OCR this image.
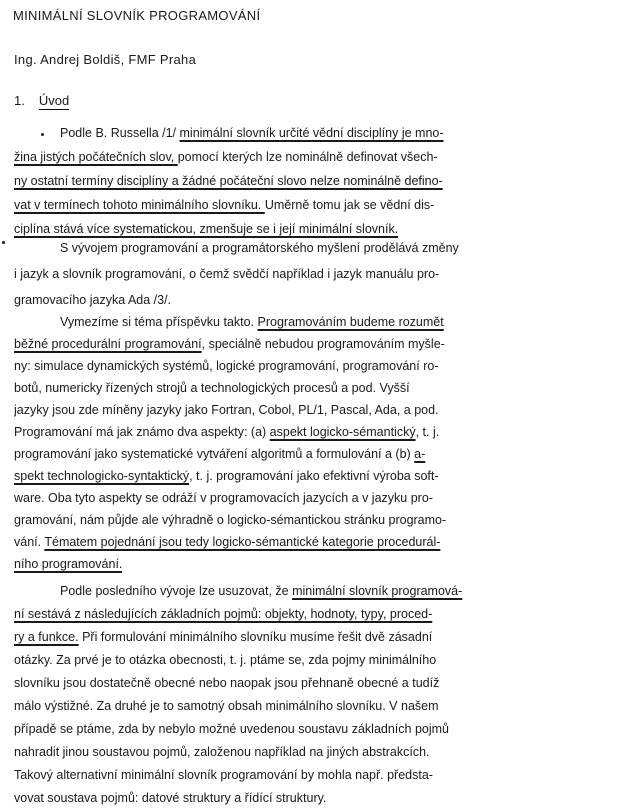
MINIMÁLNÍ SLOVNÍK PROGRAMOVÁNÍ
Ing. Andrej Boldiš, FMF Praha
1. Úvod
Podle B. Russella /1/ minimální slovník určité vědní disciplíny je mno-
žina jistých počátečních slov, pomocí kterých lze nominálně definovat všech-
ny ostatní termíny disciplíny a žádné počáteční slovo nelze nominálně defino-
vat v termínech tohoto minimálního slovníku. Uměrně tomu jak se vědní dis-
ciplína stává více systematickou, zmenšuje se i její minimální slovník.
S vývojem programování a programátorského myšlení prodělává změny
i jazyk a slovník programování, o čemž svědčí například i jazyk manuálu pro-
gramovacího jazyka Ada /3/.
Vymezíme si téma příspěvku takto. Programováním budeme rozumět
běžné procedurální programování, speciálně nebudou programováním myšle-
ny: simulace dynamických systémů, logické programování, programování ro-
botů, numericky řízených strojů a technologických procesů a pod. Vyšší
jazyky jsou zde míněny jazyky jako Fortran, Cobol, PL/1, Pascal, Ada, a pod.
Programování má jak známo dva aspekty: (a) aspekt logicko-sémantický, t. j.
programování jako systematické vytváření algoritmů a formulování a (b) a-
spekt technologicko-syntaktický, t. j. programování jako efektivní výroba soft-
ware. Oba tyto aspekty se odráží v programovacích jazycích a v jazyku pro-
gramování, nám půjde ale výhradně o logicko-sémantickou stránku programo-
vání. Tématem pojednání jsou tedy logicko-sémantické kategorie procedurál-
ního programování.
Podle posledního vývoje lze usuzovat, že minimální slovník programová-
ní sestává z následujících základních pojmů: objekty, hodnoty, typy, proced-
ry a funkce. Při formulování minimálního slovníku musíme řešit dvě zásadní
otázky. Za prvé je to otázka obecnosti, t. j. ptáme se, zda pojmy minimálního
slovníku jsou dostatečně obecné nebo naopak jsou přehnaně obecné a tudíž
málo výstižné. Za druhé je to samotný obsah minimálního slovníku. V našem
případě se ptáme, zda by nebylo možné uvedenou soustavu základních pojmů
nahradit jinou soustavou pojmů, založenou například na jiných abstrakcích.
Takový alternativní minimální slovník programování by mohla např. předsta-
vovat soustava pojmů: datové struktury a řídící struktury.
